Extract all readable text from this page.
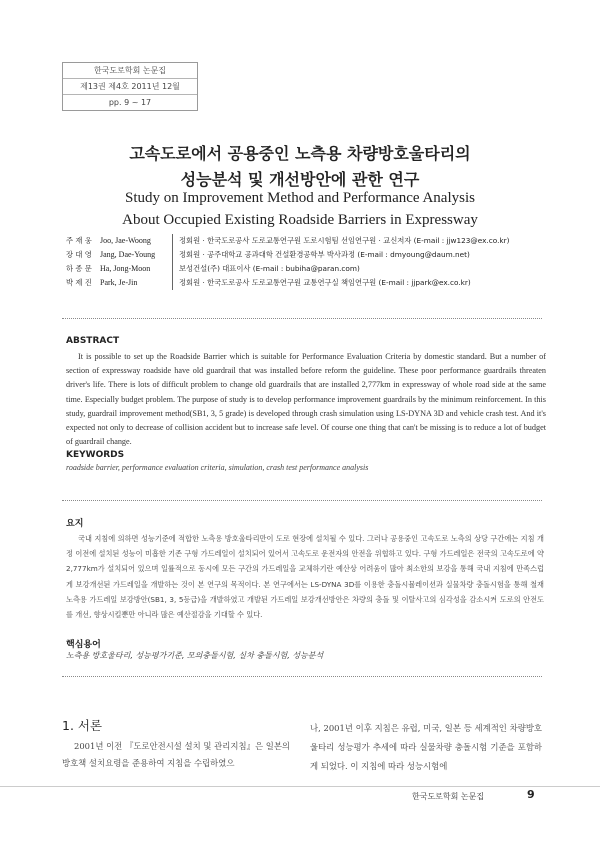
한국도로학회 논문집
제13권 제4호 2011년 12월
pp. 9 ~ 17
고속도로에서 공용중인 노측용 차량방호울타리의
성능분석 및 개선방안에 관한 연구
Study on Improvement Method and Performance Analysis
About Occupied Existing Roadside Barriers in Expressway
주 재 웅	Joo, Jae-Woong	정회원 · 한국도로공사 도로교통연구원 도로시험팀 선임연구원 · 교신저자 (E-mail : jjw123@ex.co.kr)
장 대 영	Jang, Dae-Young	정회원 · 공주대학교 공과대학 건설환경공학부 박사과정 (E-mail : dmyoung@daum.net)
하 종 문	Ha, Jong-Moon	보성건설(주) 대표이사 (E-mail : bubiha@paran.com)
박 제 진	Park, Je-Jin	정회원 · 한국도로공사 도로교통연구원 교통연구실 책임연구원 (E-mail : jjpark@ex.co.kr)
ABSTRACT

It is possible to set up the Roadside Barrier which is suitable for Performance Evaluation Criteria by domestic standard. But a number of section of expressway roadside have old guardrail that was installed before reform the guideline. These poor performance guardrails threaten driver's life. There is lots of difficult problem to change old guardrails that are installed 2,777km in expressway of whole road side at the same time. Especially budget problem. The purpose of study is to develop performance improvement guardrails by the minimum reinforcement. In this study, guardrail improvement method(SB1, 3, 5 grade) is developed through crash simulation using LS-DYNA 3D and vehicle crash test. And it's expected not only to decrease of collision accident but to increase safe level. Of course one thing that can't be missing is to reduce a lot of budget of guardrail change.

KEYWORDS

roadside barrier, performance evaluation criteria, simulation, crash test performance analysis

요지

국내 지침에 의하면 성능기준에 적합한 노측용 방호울타리만이 도로 현장에 설치될 수 있다. 그러나 공용중인 고속도로 노측의 상당 구간에는 지침 개정 이전에 설치된 성능이 미흡한 기존 구형 가드레일이 설치되어 있어서 고속도로 운전자의 안전을 위협하고 있다. 구형 가드레일은 전국의 고속도로에 약 2,777km가 설치되어 있으며 일률적으로 동시에 모든 구간의 가드레일을 교체하기란 예산상 어려움이 많아 최소한의 보강을 통해 국내 지침에 만족스럽게 보강개선된 가드레일을 개발하는 것이 본 연구의 목적이다. 본 연구에서는 LS-DYNA 3D를 이용한 충돌시뮬레이션과 실물차량 충돌시험을 통해 철재 노측용 가드레일 보강방안(SB1, 3, 5등급)을 개발하였고 개발된 가드레일 보강개선방안은 차량의 충돌 및 이탈사고의 심각성을 감소시켜 도로의 안전도를 개선, 향상시킬뿐만 아니라 많은 예산절감을 기대할 수 있다.

핵심용어

노측용 방호울타리, 성능평가기준, 모의충돌시험, 실차 충돌시험, 성능분석

1. 서론

2001년 이전 『도로안전시설 설치 및 관리지침』은 일본의 방호책 설치요령을 준용하여 지침을 수립하였으

나, 2001년 이후 지침은 유럽, 미국, 일본 등 세계적인 차량방호울타리 성능평가 추세에 따라 실물차량 충돌시험 기준을 포함하게 되었다. 이 지침에 따라 성능시험에

한국도로학회 논문집	9
